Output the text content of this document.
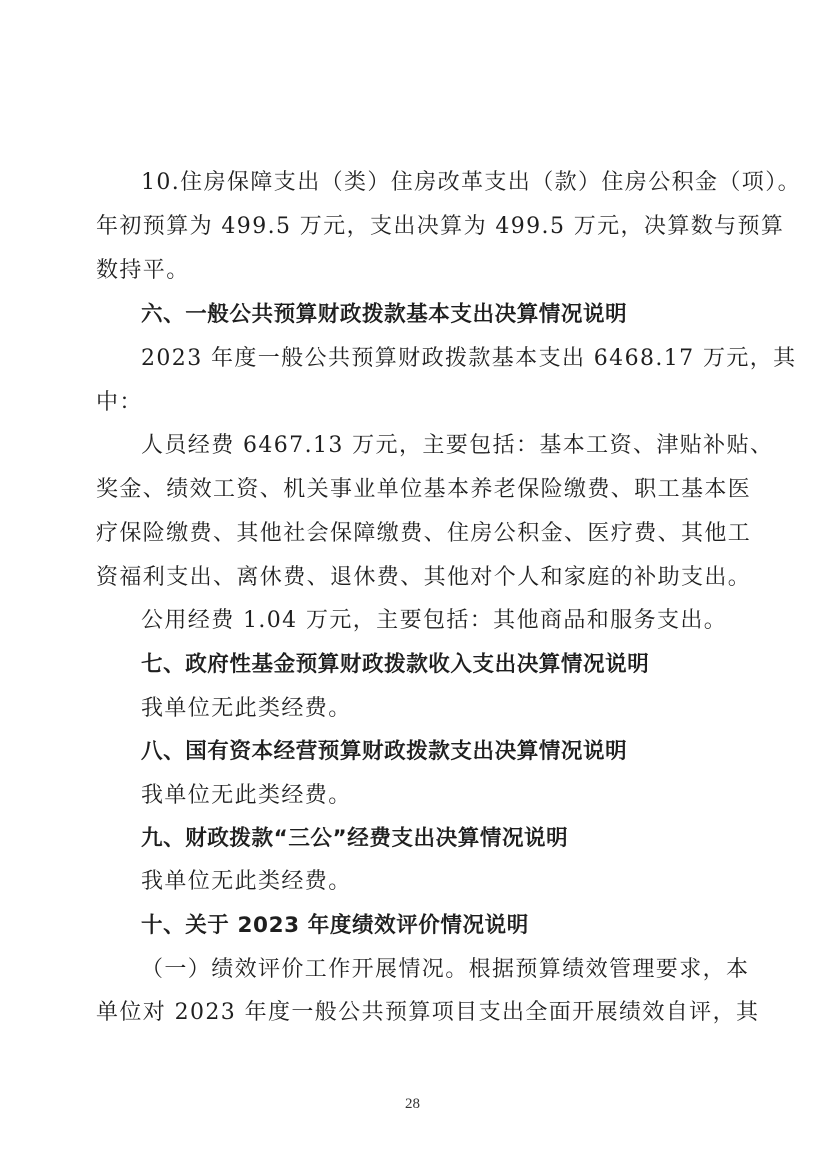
10.住房保障支出（类）住房改革支出（款）住房公积金（项）。
年初预算为 499.5 万元，支出决算为 499.5 万元，决算数与预算
数持平。
六、一般公共预算财政拨款基本支出决算情况说明
2023 年度一般公共预算财政拨款基本支出 6468.17 万元，其
中：
人员经费 6467.13 万元，主要包括：基本工资、津贴补贴、
奖金、绩效工资、机关事业单位基本养老保险缴费、职工基本医
疗保险缴费、其他社会保障缴费、住房公积金、医疗费、其他工
资福利支出、离休费、退休费、其他对个人和家庭的补助支出。
公用经费 1.04 万元，主要包括：其他商品和服务支出。
七、政府性基金预算财政拨款收入支出决算情况说明
我单位无此类经费。
八、国有资本经营预算财政拨款支出决算情况说明
我单位无此类经费。
九、财政拨款“三公”经费支出决算情况说明
我单位无此类经费。
十、关于 2023 年度绩效评价情况说明
（一）绩效评价工作开展情况。根据预算绩效管理要求，本
单位对 2023 年度一般公共预算项目支出全面开展绩效自评，其
28
